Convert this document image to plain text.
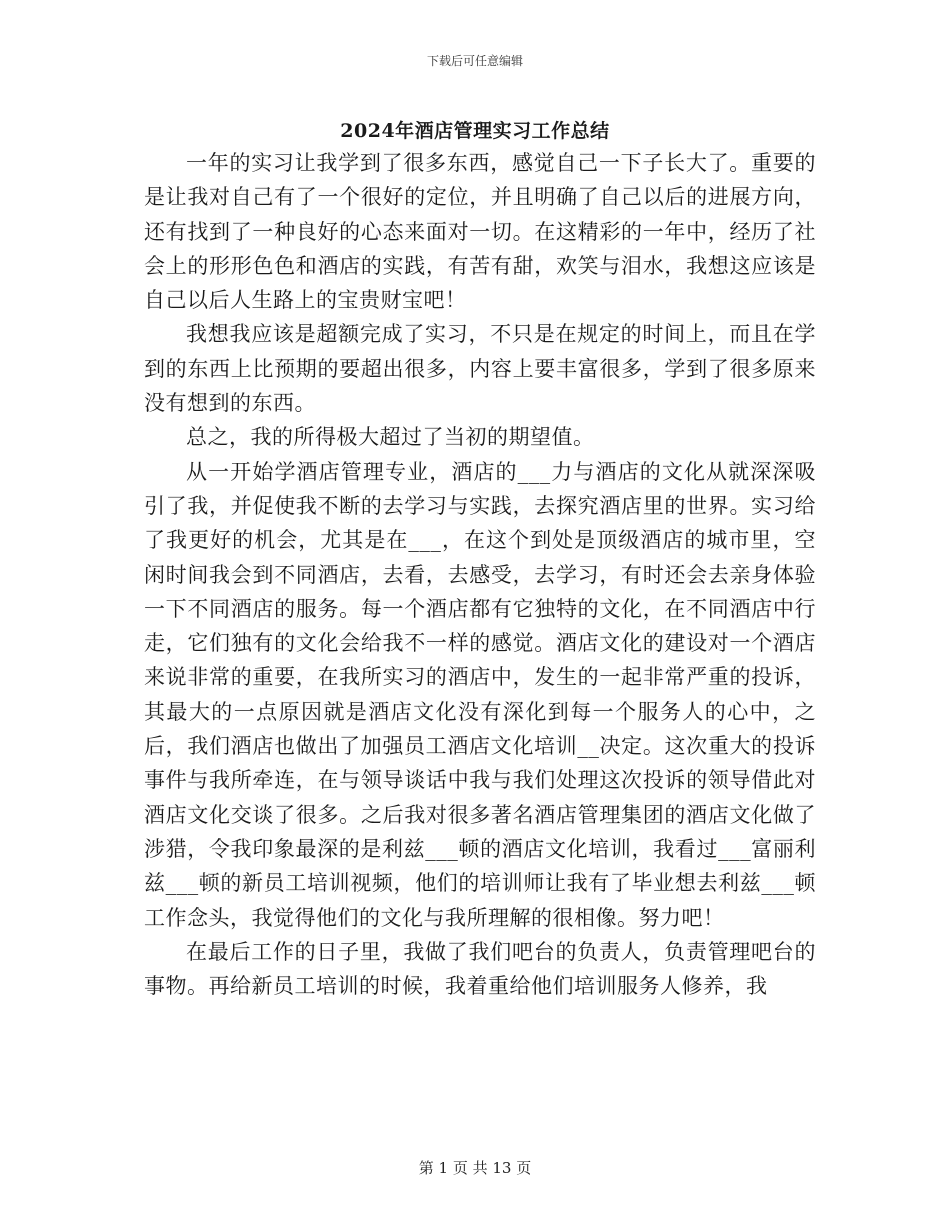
下载后可任意编辑
2024年酒店管理实习工作总结

一年的实习让我学到了很多东西，感觉自己一下子长大了。重要的是让我对自己有了一个很好的定位，并且明确了自己以后的进展方向，还有找到了一种良好的心态来面对一切。在这精彩的一年中，经历了社会上的形形色色和酒店的实践，有苦有甜，欢笑与泪水，我想这应该是自己以后人生路上的宝贵财宝吧！

我想我应该是超额完成了实习，不只是在规定的时间上，而且在学到的东西上比预期的要超出很多，内容上要丰富很多，学到了很多原来没有想到的东西。

总之，我的所得极大超过了当初的期望值。

从一开始学酒店管理专业，酒店的___力与酒店的文化从就深深吸引了我，并促使我不断的去学习与实践，去探究酒店里的世界。实习给了我更好的机会，尤其是在___，在这个到处是顶级酒店的城市里，空闲时间我会到不同酒店，去看，去感受，去学习，有时还会去亲身体验一下不同酒店的服务。每一个酒店都有它独特的文化，在不同酒店中行走，它们独有的文化会给我不一样的感觉。酒店文化的建设对一个酒店来说非常的重要，在我所实习的酒店中，发生的一起非常严重的投诉，其最大的一点原因就是酒店文化没有深化到每一个服务人的心中，之后，我们酒店也做出了加强员工酒店文化培训__决定。这次重大的投诉事件与我所牵连，在与领导谈话中我与我们处理这次投诉的领导借此对酒店文化交谈了很多。之后我对很多著名酒店管理集团的酒店文化做了涉猎，令我印象最深的是利兹___顿的酒店文化培训，我看过___富丽利兹___顿的新员工培训视频，他们的培训师让我有了毕业想去利兹___顿工作念头，我觉得他们的文化与我所理解的很相像。努力吧！

在最后工作的日子里，我做了我们吧台的负责人，负责管理吧台的事物。再给新员工培训的时候，我着重给他们培训服务人修养，我

第 1 页 共 13 页
